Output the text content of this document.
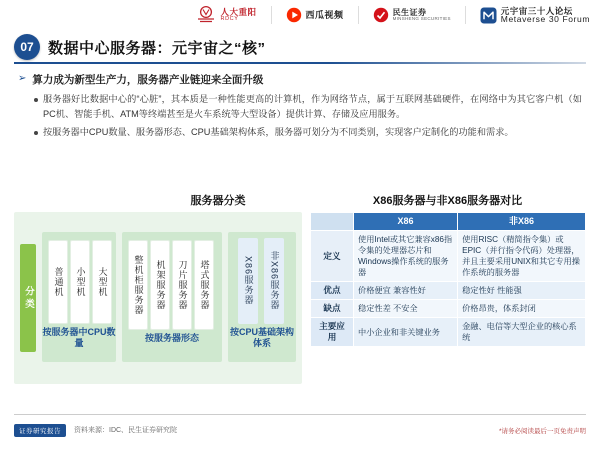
人大重阳
RDCY	西瓜视频	民生证券
MINSHENG SECURITIES
元宇宙三十人论坛
Metaverse 30 Forum
07 数据中心服务器：元宇宙之“核”
➢ 算力成为新型生产力，服务器产业链迎来全面升级

服务器好比数据中心的“心脏”，其本质是一种性能更高的计算机，作为网络节点，属于互联网基础硬件，在网络中为其它客户机（如PC机、智能手机、ATM等终端甚至是火车系统等大型设备）提供计算、存储及应用服务。

按服务器中CPU数量、服务器形态、CPU基础架构体系，服务器可划分为不同类别，实现客户定制化的功能和需求。

服务器分类	X86服务器与非X86服务器对比
分类
普通机	小型机	大型机
按服务器中CPU数量
整机柜服务器	机架服务器	刀片服务器	塔式服务器
按服务器形态
X86服务器	非X86服务器
按CPU基础架构体系
	X86	非X86
定义	使用Intel或其它兼容x86指令集的处理器芯片和Windows操作系统的服务器	使用RISC（精简指令集）或EPIC（并行指令代码）处理器，并且主要采用UNIX和其它专用操作系统的服务器
优点	价格便宜 兼容性好	稳定性好 性能强
缺点	稳定性差 不安全	价格昂贵，体系封闭
主要应用	中小企业和非关键业务	金融、电信等大型企业的核心系统
证券研究报告	资料来源：IDC、民生证券研究院	*请务必阅读最后一页免责声明
